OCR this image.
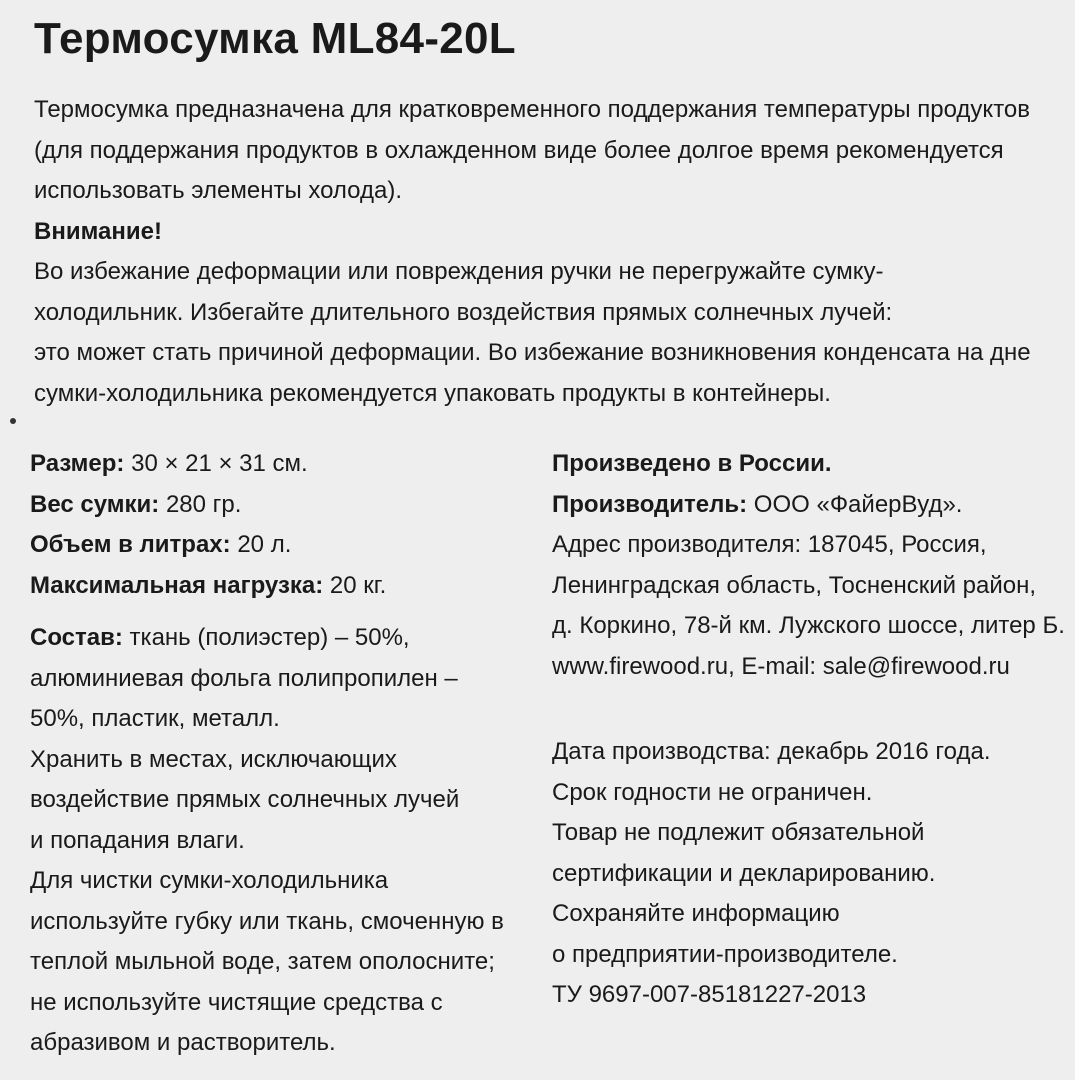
Термосумка ML84-20L
Термосумка предназначена для кратковременного поддержания температуры продуктов
(для поддержания продуктов в охлажденном виде более долгое время рекомендуется
использовать элементы холода).
Внимание!
Во избежание деформации или повреждения ручки не перегружайте сумку-
холодильник. Избегайте длительного воздействия прямых солнечных лучей:
это может стать причиной деформации. Во избежание возникновения конденсата на дне
сумки-холодильника рекомендуется упаковать продукты в контейнеры.
Размер: 30 × 21 × 31 см.
Вес сумки: 280 гр.
Объем в литрах: 20 л.
Максимальная нагрузка: 20 кг.
Состав: ткань (полиэстер) – 50%,
алюминиевая фольга полипропилен –
50%, пластик, металл.
Хранить в местах, исключающих
воздействие прямых солнечных лучей
и попадания влаги.
Для чистки сумки-холодильника
используйте губку или ткань, смоченную в
теплой мыльной воде, затем ополосните;
не используйте чистящие средства с
абразивом и растворитель.
Произведено в России.
Производитель: ООО «ФайерВуд».
Адрес производителя: 187045, Россия,
Ленинградская область, Тосненский район,
д. Коркино, 78-й км. Лужского шоссе, литер Б.
www.firewood.ru, E-mail: sale@firewood.ru
Дата производства: декабрь 2016 года.
Срок годности не ограничен.
Товар не подлежит обязательной
сертификации и декларированию.
Сохраняйте информацию
о предприятии-производителе.
ТУ 9697-007-85181227-2013
